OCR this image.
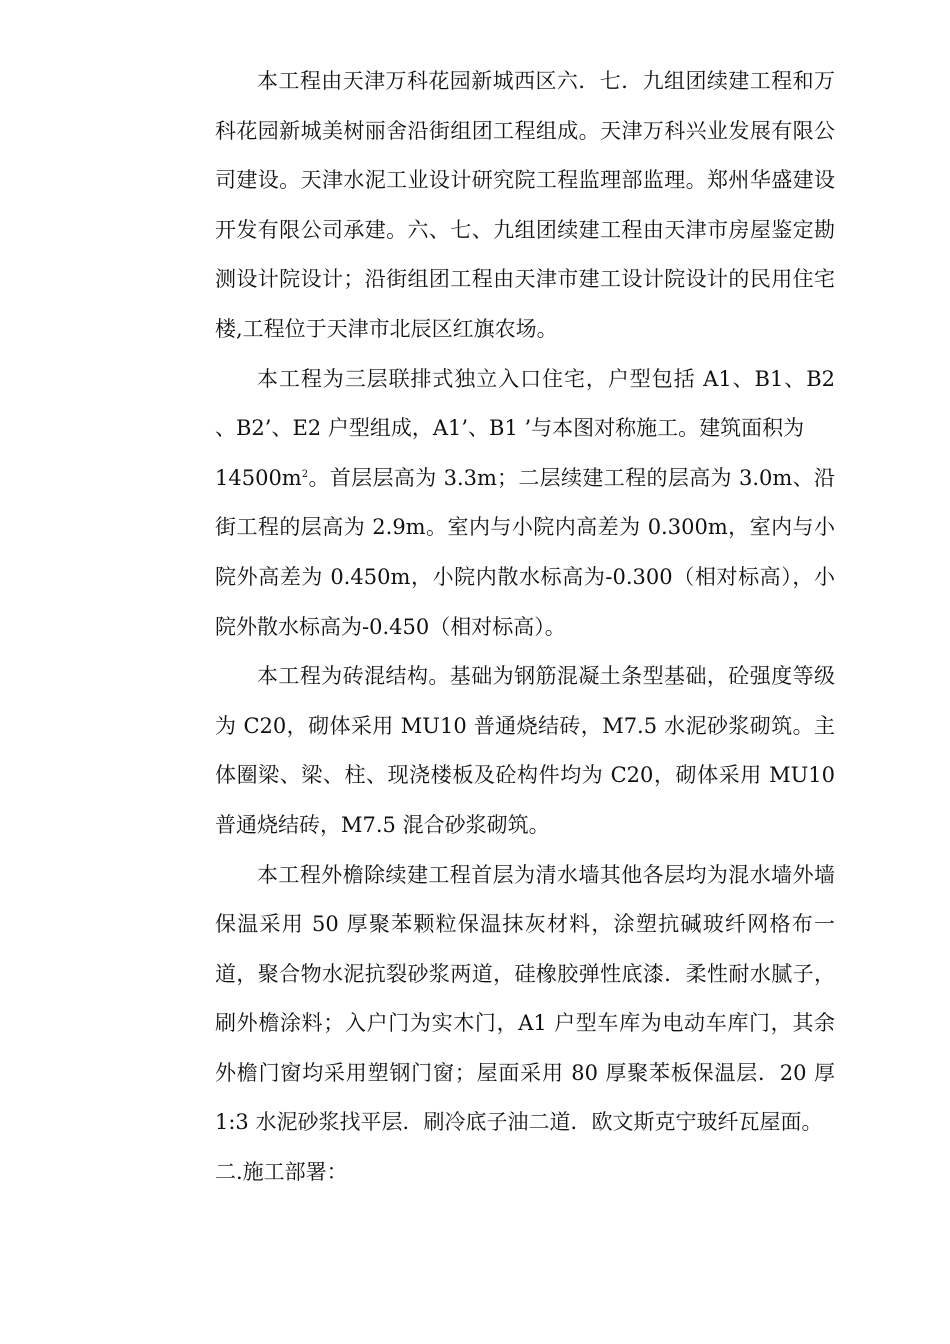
本工程由天津万科花园新城西区六．七．九组团续建工程和万科花园新城美树丽舍沿街组团工程组成。天津万科兴业发展有限公司建设。天津水泥工业设计研究院工程监理部监理。郑州华盛建设开发有限公司承建。六、七、九组团续建工程由天津市房屋鉴定勘测设计院设计；沿街组团工程由天津市建工设计院设计的民用住宅楼,工程位于天津市北辰区红旗农场。

本工程为三层联排式独立入口住宅，户型包括 A1、B1、B2 、B2’、E2 户型组成，A1’、B1 ’与本图对称施工。建筑面积为
$14500m^2$。首层层高为 3.3m；二层续建工程的层高为 3.0m、沿街工程的层高为 2.9m。室内与小院内高差为 0.300m，室内与小院外高差为 0.450m，小院内散水标高为-0.300（相对标高），小院外散水标高为-0.450（相对标高）。

本工程为砖混结构。基础为钢筋混凝土条型基础，砼强度等级为 C20，砌体采用 MU10 普通烧结砖，M7.5 水泥砂浆砌筑。主体圈梁、梁、柱、现浇楼板及砼构件均为 C20，砌体采用 MU10 普通烧结砖，M7.5 混合砂浆砌筑。

本工程外檐除续建工程首层为清水墙其他各层均为混水墙外墙保温采用 50 厚聚苯颗粒保温抹灰材料，涂塑抗碱玻纤网格布一道，聚合物水泥抗裂砂浆两道，硅橡胶弹性底漆．柔性耐水腻子，刷外檐涂料；入户门为实木门，A1 户型车库为电动车库门，其余外檐门窗均采用塑钢门窗；屋面采用 80 厚聚苯板保温层．20 厚 1:3 水泥砂浆找平层．刷冷底子油二道．欧文斯克宁玻纤瓦屋面。

二.施工部署：
